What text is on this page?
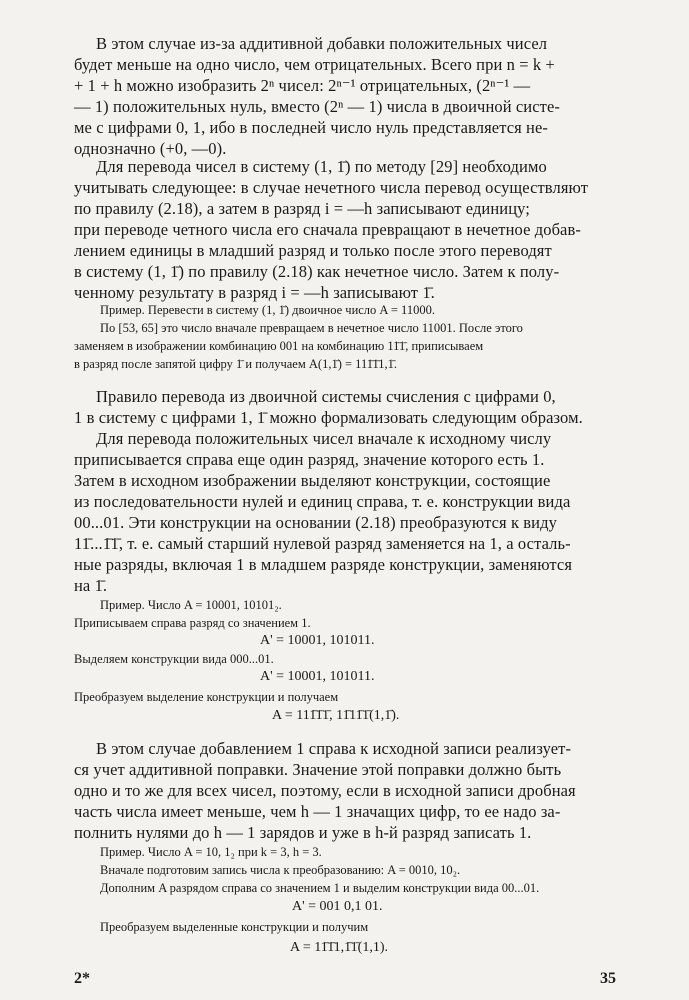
В этом случае из-за аддитивной добавки положительных чисел
будет меньше на одно число, чем отрицательных. Всего при n = k +
+ 1 + h можно изобразить 2ⁿ чисел: 2ⁿ⁻¹ отрицательных, (2ⁿ⁻¹ —
— 1) положительных нуль, вместо (2ⁿ — 1) числа в двоичной систе-
ме с цифрами 0, 1, ибо в последней число нуль представляется не-
однозначно (+0, —0).
Для перевода чисел в систему (1, 1̄) по методу [29] необходимо
учитывать следующее: в случае нечетного числа перевод осуществляют
по правилу (2.18), а затем в разряд i = —h записывают единицу;
при переводе четного числа его сначала превращают в нечетное добав-
лением единицы в младший разряд и только после этого переводят
в систему (1, 1̄) по правилу (2.18) как нечетное число. Затем к полу-
ченному результату в разряд i = —h записывают 1̄.
Пример. Перевести в систему (1, 1̄) двоичное число A = 11000.
По [53, 65] это число вначале превращаем в нечетное число 11001. После этого
заменяем в изображении комбинацию 001 на комбинацию 11̄1̄, приписываем
в разряд после запятой цифру 1̄ и получаем A(1,1̄) = 111̄1̄1,1̄.
Правило перевода из двоичной системы счисления с цифрами 0,
1 в систему с цифрами 1, 1̄ можно формализовать следующим образом.
Для перевода положительных чисел вначале к исходному числу
приписывается справа еще один разряд, значение которого есть 1.
Затем в исходном изображении выделяют конструкции, состоящие
из последовательности нулей и единиц справа, т. е. конструкции вида
00...01. Эти конструкции на основании (2.18) преобразуются к виду
11̄...1̄1̄, т. е. самый старший нулевой разряд заменяется на 1, а осталь-
ные разряды, включая 1 в младшем разряде конструкции, заменяются
на 1̄.
Пример. Число A = 10001, 10101₂.
Приписываем справа разряд со значением 1.
A' = 10001, 101011.
Выделяем конструкции вида 000...01.
A' = 10001, 101011.
Преобразуем выделение конструкции и получаем
A = 111̄1̄1̄, 11̄11̄1̄(1,1̄).
В этом случае добавлением 1 справа к исходной записи реализует-
ся учет аддитивной поправки. Значение этой поправки должно быть
одно и то же для всех чисел, поэтому, если в исходной записи дробная
часть числа имеет меньше, чем h — 1 значащих цифр, то ее надо за-
полнить нулями до h — 1 зарядов и уже в h-й разряд записать 1.
Пример. Число A = 10, 1₂ при k = 3, h = 3.
Вначале подготовим запись числа к преобразованию: A = 0010, 10₂.
Дополним A разрядом справа со значением 1 и выделим конструкции вида 00...01.
A' = 001 0,1 01.
Преобразуем выделенные конструкции и получим
A = 11̄1̄1,1̄1̄(1,1).
2*	35
